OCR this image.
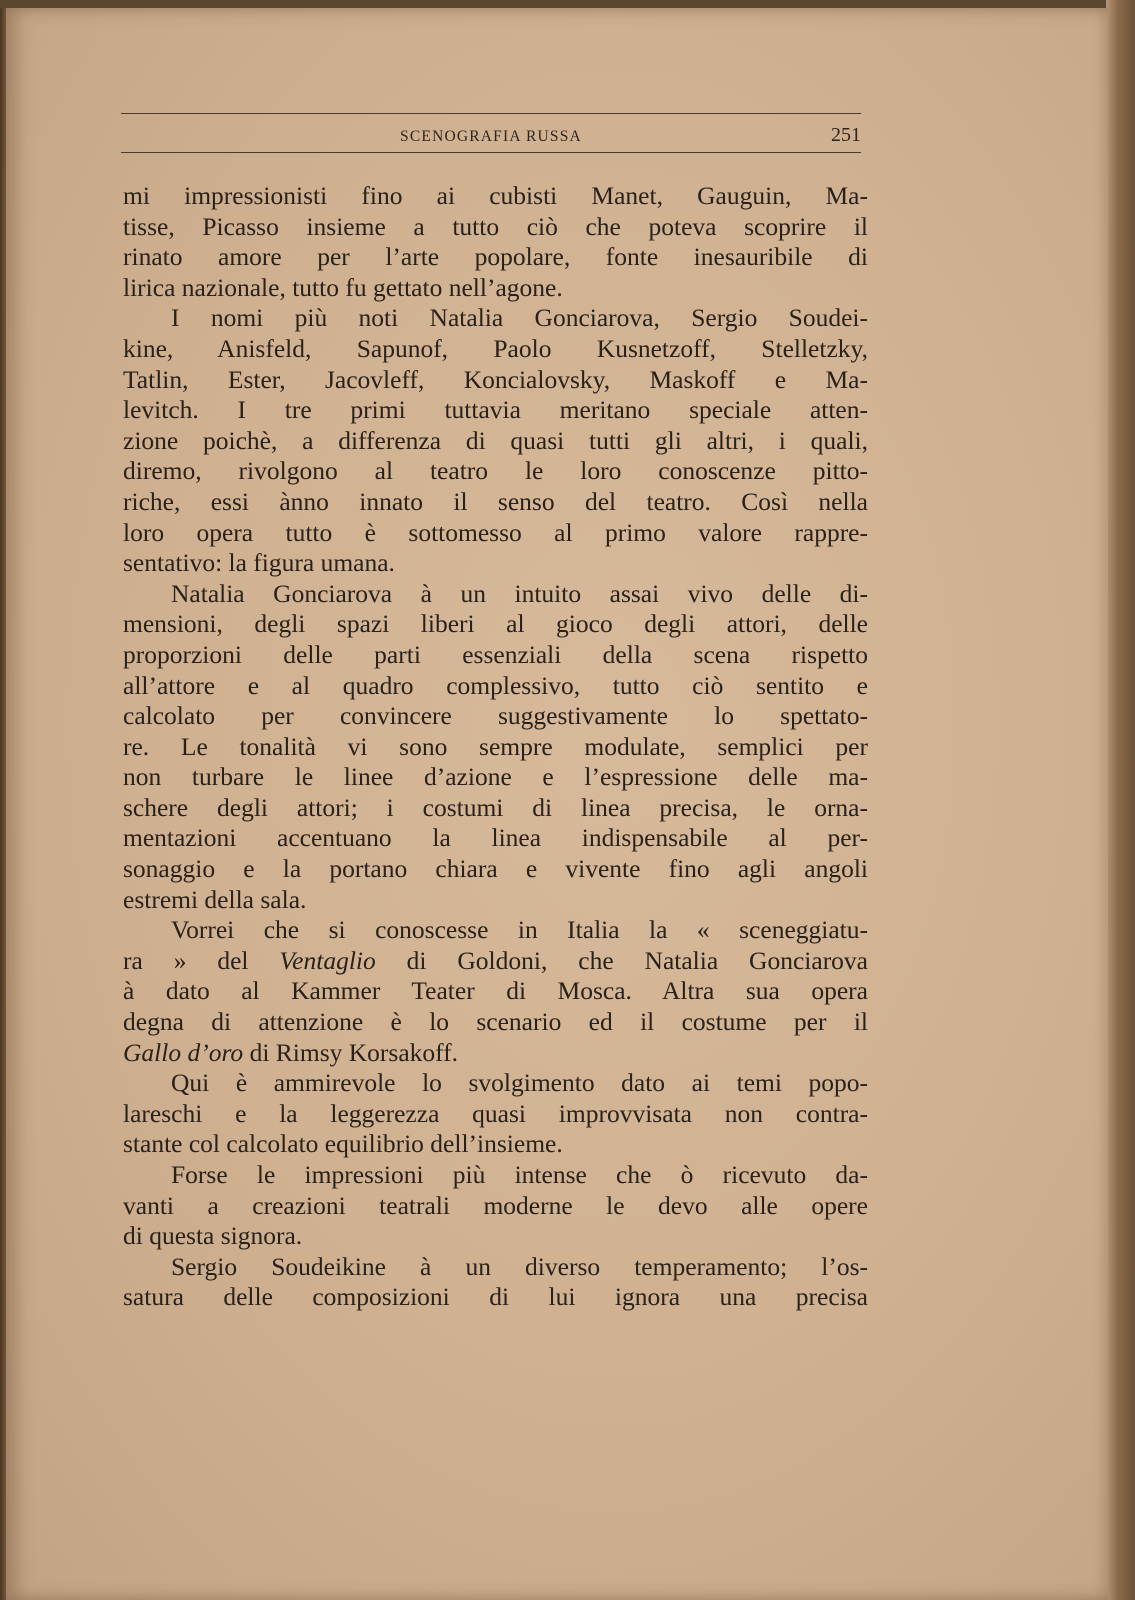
SCENOGRAFIA RUSSA	251
mi impressionisti fino ai cubisti Manet, Gauguin, Ma-
tisse, Picasso insieme a tutto ciò che poteva scoprire il
rinato amore per l’arte popolare, fonte inesauribile di
lirica nazionale, tutto fu gettato nell’agone.
I nomi più noti Natalia Gonciarova, Sergio Soudei-
kine, Anisfeld, Sapunof, Paolo Kusnetzoff, Stelletzky,
Tatlin, Ester, Jacovleff, Koncialovsky, Maskoff e Ma-
levitch. I tre primi tuttavia meritano speciale atten-
zione poichè, a differenza di quasi tutti gli altri, i quali,
diremo, rivolgono al teatro le loro conoscenze pitto-
riche, essi ànno innato il senso del teatro. Così nella
loro opera tutto è sottomesso al primo valore rappre-
sentativo: la figura umana.
Natalia Gonciarova à un intuito assai vivo delle di-
mensioni, degli spazi liberi al gioco degli attori, delle
proporzioni delle parti essenziali della scena rispetto
all’attore e al quadro complessivo, tutto ciò sentito e
calcolato per convincere suggestivamente lo spettato-
re. Le tonalità vi sono sempre modulate, semplici per
non turbare le linee d’azione e l’espressione delle ma-
schere degli attori; i costumi di linea precisa, le orna-
mentazioni accentuano la linea indispensabile al per-
sonaggio e la portano chiara e vivente fino agli angoli
estremi della sala.
Vorrei che si conoscesse in Italia la « sceneggiatu-
ra » del Ventaglio di Goldoni, che Natalia Gonciarova
à dato al Kammer Teater di Mosca. Altra sua opera
degna di attenzione è lo scenario ed il costume per il
Gallo d’oro di Rimsy Korsakoff.
Qui è ammirevole lo svolgimento dato ai temi popo-
lareschi e la leggerezza quasi improvvisata non contra-
stante col calcolato equilibrio dell’insieme.
Forse le impressioni più intense che ò ricevuto da-
vanti a creazioni teatrali moderne le devo alle opere
di questa signora.
Sergio Soudeikine à un diverso temperamento; l’os-
satura delle composizioni di lui ignora una precisa
